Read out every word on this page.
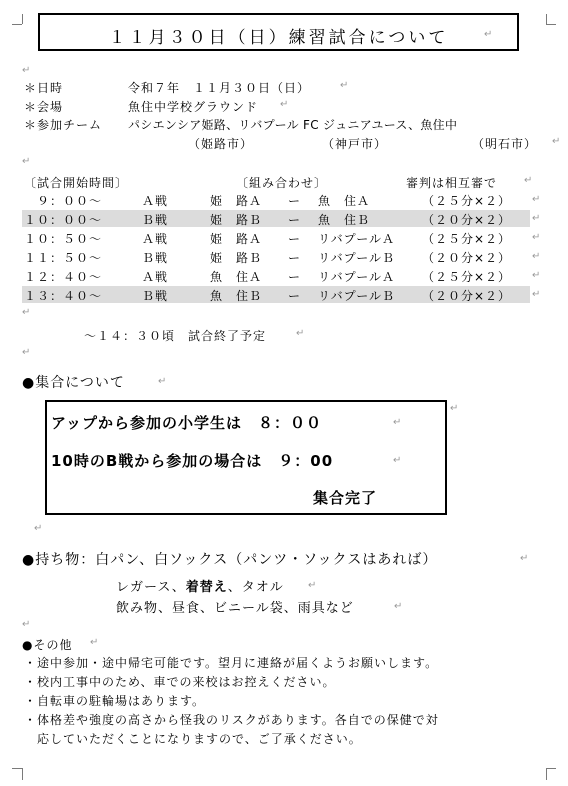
１１月３０日（日）練習試合について	↵
↵
＊日時	令和７年　１１月３０日（日）	↵
＊会場	魚住中学校グラウンド ↵
＊参加チーム パシエンシア姫路、リバプール FC ジュニアユース、魚住中
（姫路市）	（神戸市）	（明石市） ↵
↵
〔試合開始時間〕	〔組み合わせ〕	審判は相互審で	↵
　９：００～	Ａ戦	姫　路Ａ ー 魚　住Ａ	（２５分×２） ↵
１０：００～	Ｂ戦	姫　路Ｂ ー 魚　住Ｂ	（２０分×２） ↵
１０：５０～	Ａ戦	姫　路Ａ ー リバプールＡ （２５分×２） ↵
１１：５０～	Ｂ戦	姫　路Ｂ ー リバプールＢ （２０分×２） ↵
１２：４０～	Ａ戦	魚　住Ａ ー リバプールＡ （２５分×２） ↵
１３：４０～	Ｂ戦	魚　住Ｂ ー リバプールＢ （２０分×２） ↵
↵
～１４：３０頃　試合終了予定	↵
↵
●集合について	↵
アップから参加の小学生は　８：００	↵
10時のB戦から参加の場合は　９：00	↵
集合完了
↵
↵
●持ち物：白パン、白ソックス（パンツ・ソックスはあれば）	↵
レガース、着替え、タオル ↵
飲み物、昼食、ビニール袋、雨具など	↵
↵
●その他 ↵
・途中参加・途中帰宅可能です。望月に連絡が届くようお願いします。
・校内工事中のため、車での来校はお控えください。
・自転車の駐輪場はあります。
・体格差や強度の高さから怪我のリスクがあります。各自での保健で対
　応していただくことになりますので、ご了承ください。
